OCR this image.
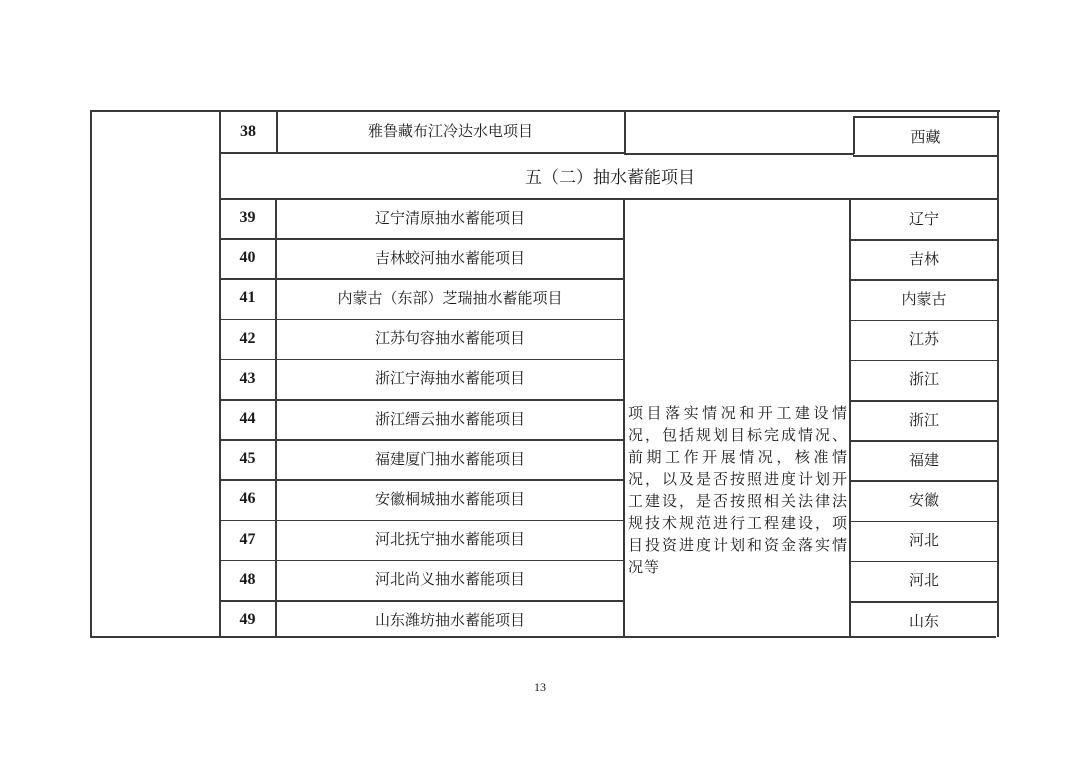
38	雅鲁藏布江冷达水电项目	西藏
五（二）抽水蓄能项目
39	辽宁清原抽水蓄能项目	辽宁
40	吉林蛟河抽水蓄能项目	吉林
41	内蒙古（东部）芝瑞抽水蓄能项目	内蒙古
42	江苏句容抽水蓄能项目	江苏
43	浙江宁海抽水蓄能项目	浙江
44	浙江缙云抽水蓄能项目	浙江
45	福建厦门抽水蓄能项目	福建
46	安徽桐城抽水蓄能项目	安徽
47	河北抚宁抽水蓄能项目	河北
48	河北尚义抽水蓄能项目	河北
49	山东潍坊抽水蓄能项目	山东
项目落实情况和开工建设情况，包括规划目标完成情况、前期工作开展情况，核准情况，以及是否按照进度计划开工建设，是否按照相关法律法规技术规范进行工程建设，项目投资进度计划和资金落实情况等
13
